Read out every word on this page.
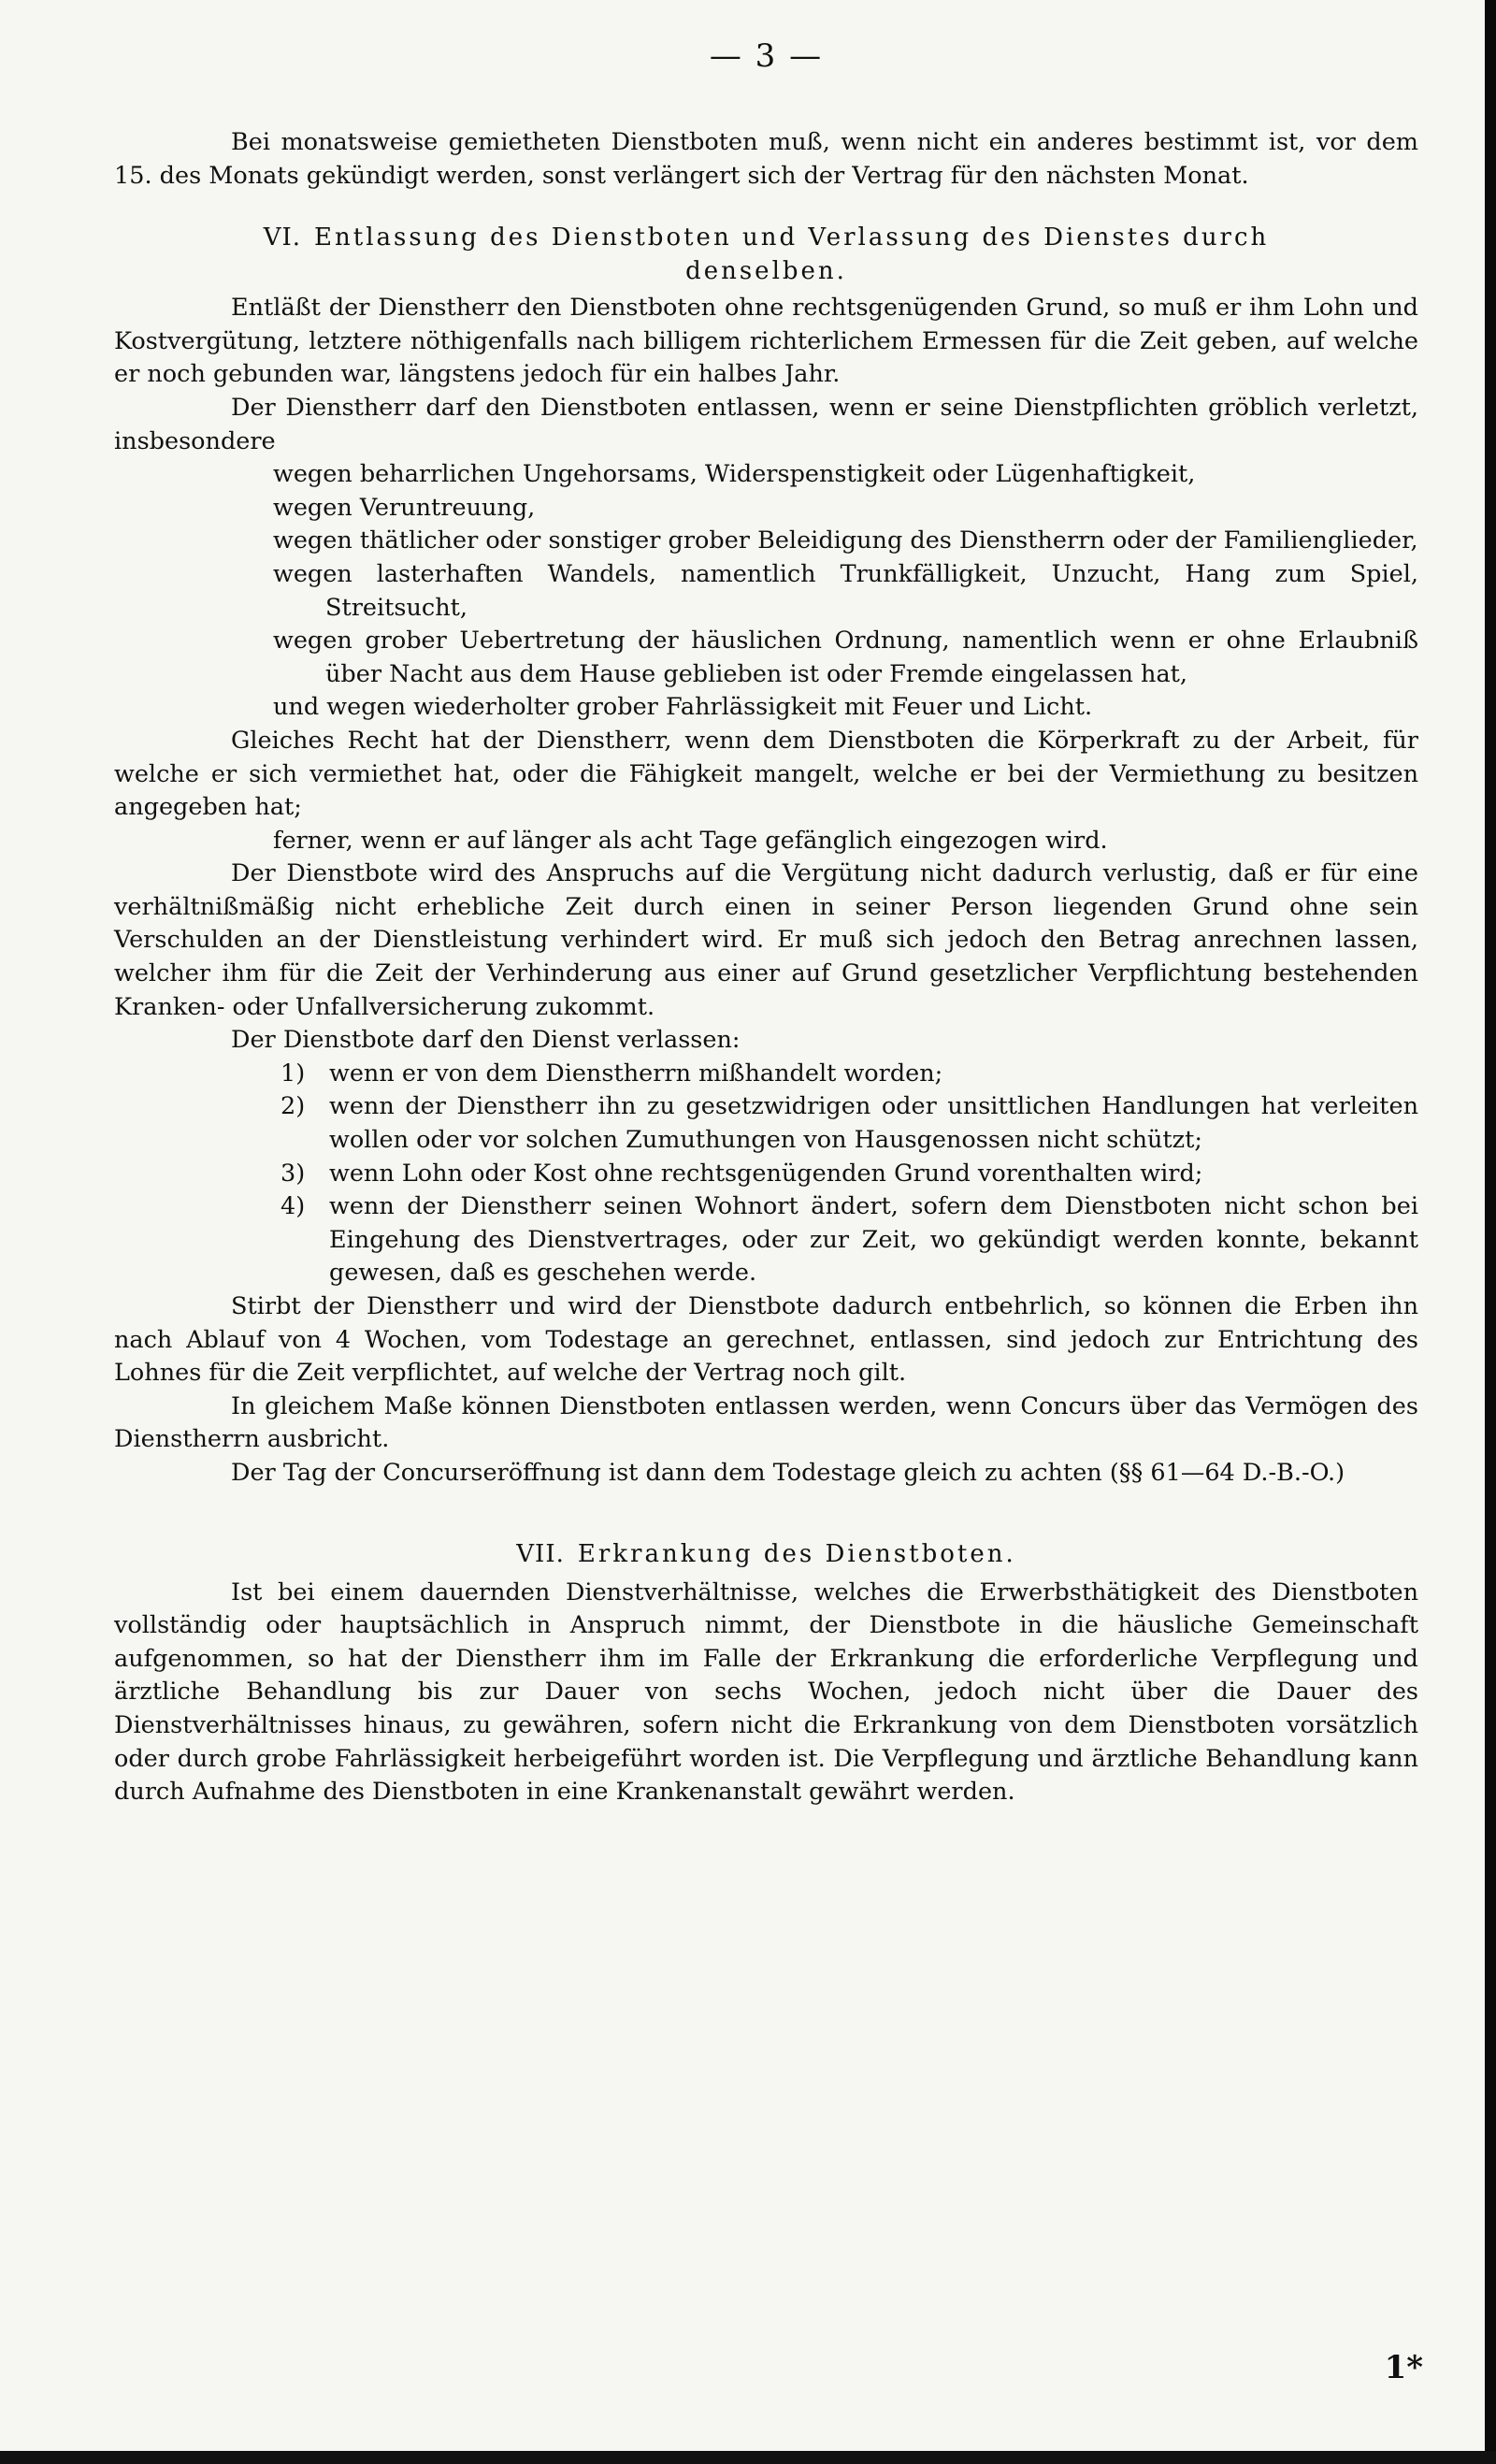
— 3 —

Bei monatsweise gemietheten Dienstboten muß, wenn nicht ein anderes bestimmt ist, vor dem 15. des Monats gekündigt werden, sonst verlängert sich der Vertrag für den nächsten Monat.

VI. Entlassung des Dienstboten und Verlassung des Dienstes durch denselben.

Entläßt der Dienstherr den Dienstboten ohne rechtsgenügenden Grund, so muß er ihm Lohn und Kostvergütung, letztere nöthigenfalls nach billigem richterlichem Ermessen für die Zeit geben, auf welche er noch gebunden war, längstens jedoch für ein halbes Jahr.

Der Dienstherr darf den Dienstboten entlassen, wenn er seine Dienstpflichten gröblich verletzt, insbesondere

wegen beharrlichen Ungehorsams, Widerspenstigkeit oder Lügenhaftigkeit,
wegen Veruntreuung,
wegen thätlicher oder sonstiger grober Beleidigung des Dienstherrn oder der Familienglieder,
wegen lasterhaften Wandels, namentlich Trunkfälligkeit, Unzucht, Hang zum Spiel, Streitsucht,
wegen grober Uebertretung der häuslichen Ordnung, namentlich wenn er ohne Erlaubniß über Nacht aus dem Hause geblieben ist oder Fremde eingelassen hat,
und wegen wiederholter grober Fahrlässigkeit mit Feuer und Licht.

Gleiches Recht hat der Dienstherr, wenn dem Dienstboten die Körperkraft zu der Arbeit, für welche er sich vermiethet hat, oder die Fähigkeit mangelt, welche er bei der Vermiethung zu besitzen angegeben hat;

ferner, wenn er auf länger als acht Tage gefänglich eingezogen wird.

Der Dienstbote wird des Anspruchs auf die Vergütung nicht dadurch verlustig, daß er für eine verhältnißmäßig nicht erhebliche Zeit durch einen in seiner Person liegenden Grund ohne sein Verschulden an der Dienstleistung verhindert wird. Er muß sich jedoch den Betrag anrechnen lassen, welcher ihm für die Zeit der Verhinderung aus einer auf Grund gesetzlicher Verpflichtung bestehenden Kranken- oder Unfallversicherung zukommt.

Der Dienstbote darf den Dienst verlassen:

1) wenn er von dem Dienstherrn mißhandelt worden;
2) wenn der Dienstherr ihn zu gesetzwidrigen oder unsittlichen Handlungen hat verleiten wollen oder vor solchen Zumuthungen von Hausgenossen nicht schützt;
3) wenn Lohn oder Kost ohne rechtsgenügenden Grund vorenthalten wird;
4) wenn der Dienstherr seinen Wohnort ändert, sofern dem Dienstboten nicht schon bei Eingehung des Dienstvertrages, oder zur Zeit, wo gekündigt werden konnte, bekannt gewesen, daß es geschehen werde.

Stirbt der Dienstherr und wird der Dienstbote dadurch entbehrlich, so können die Erben ihn nach Ablauf von 4 Wochen, vom Todestage an gerechnet, entlassen, sind jedoch zur Entrichtung des Lohnes für die Zeit verpflichtet, auf welche der Vertrag noch gilt.

In gleichem Maße können Dienstboten entlassen werden, wenn Concurs über das Vermögen des Dienstherrn ausbricht.

Der Tag der Concurseröffnung ist dann dem Todestage gleich zu achten (§§ 61—64 D.-B.-O.)

VII. Erkrankung des Dienstboten.

Ist bei einem dauernden Dienstverhältnisse, welches die Erwerbsthätigkeit des Dienstboten vollständig oder hauptsächlich in Anspruch nimmt, der Dienstbote in die häusliche Gemeinschaft aufgenommen, so hat der Dienstherr ihm im Falle der Erkrankung die erforderliche Verpflegung und ärztliche Behandlung bis zur Dauer von sechs Wochen, jedoch nicht über die Dauer des Dienstverhältnisses hinaus, zu gewähren, sofern nicht die Erkrankung von dem Dienstboten vorsätzlich oder durch grobe Fahrlässigkeit herbeigeführt worden ist. Die Verpflegung und ärztliche Behandlung kann durch Aufnahme des Dienstboten in eine Krankenanstalt gewährt werden.

1*
